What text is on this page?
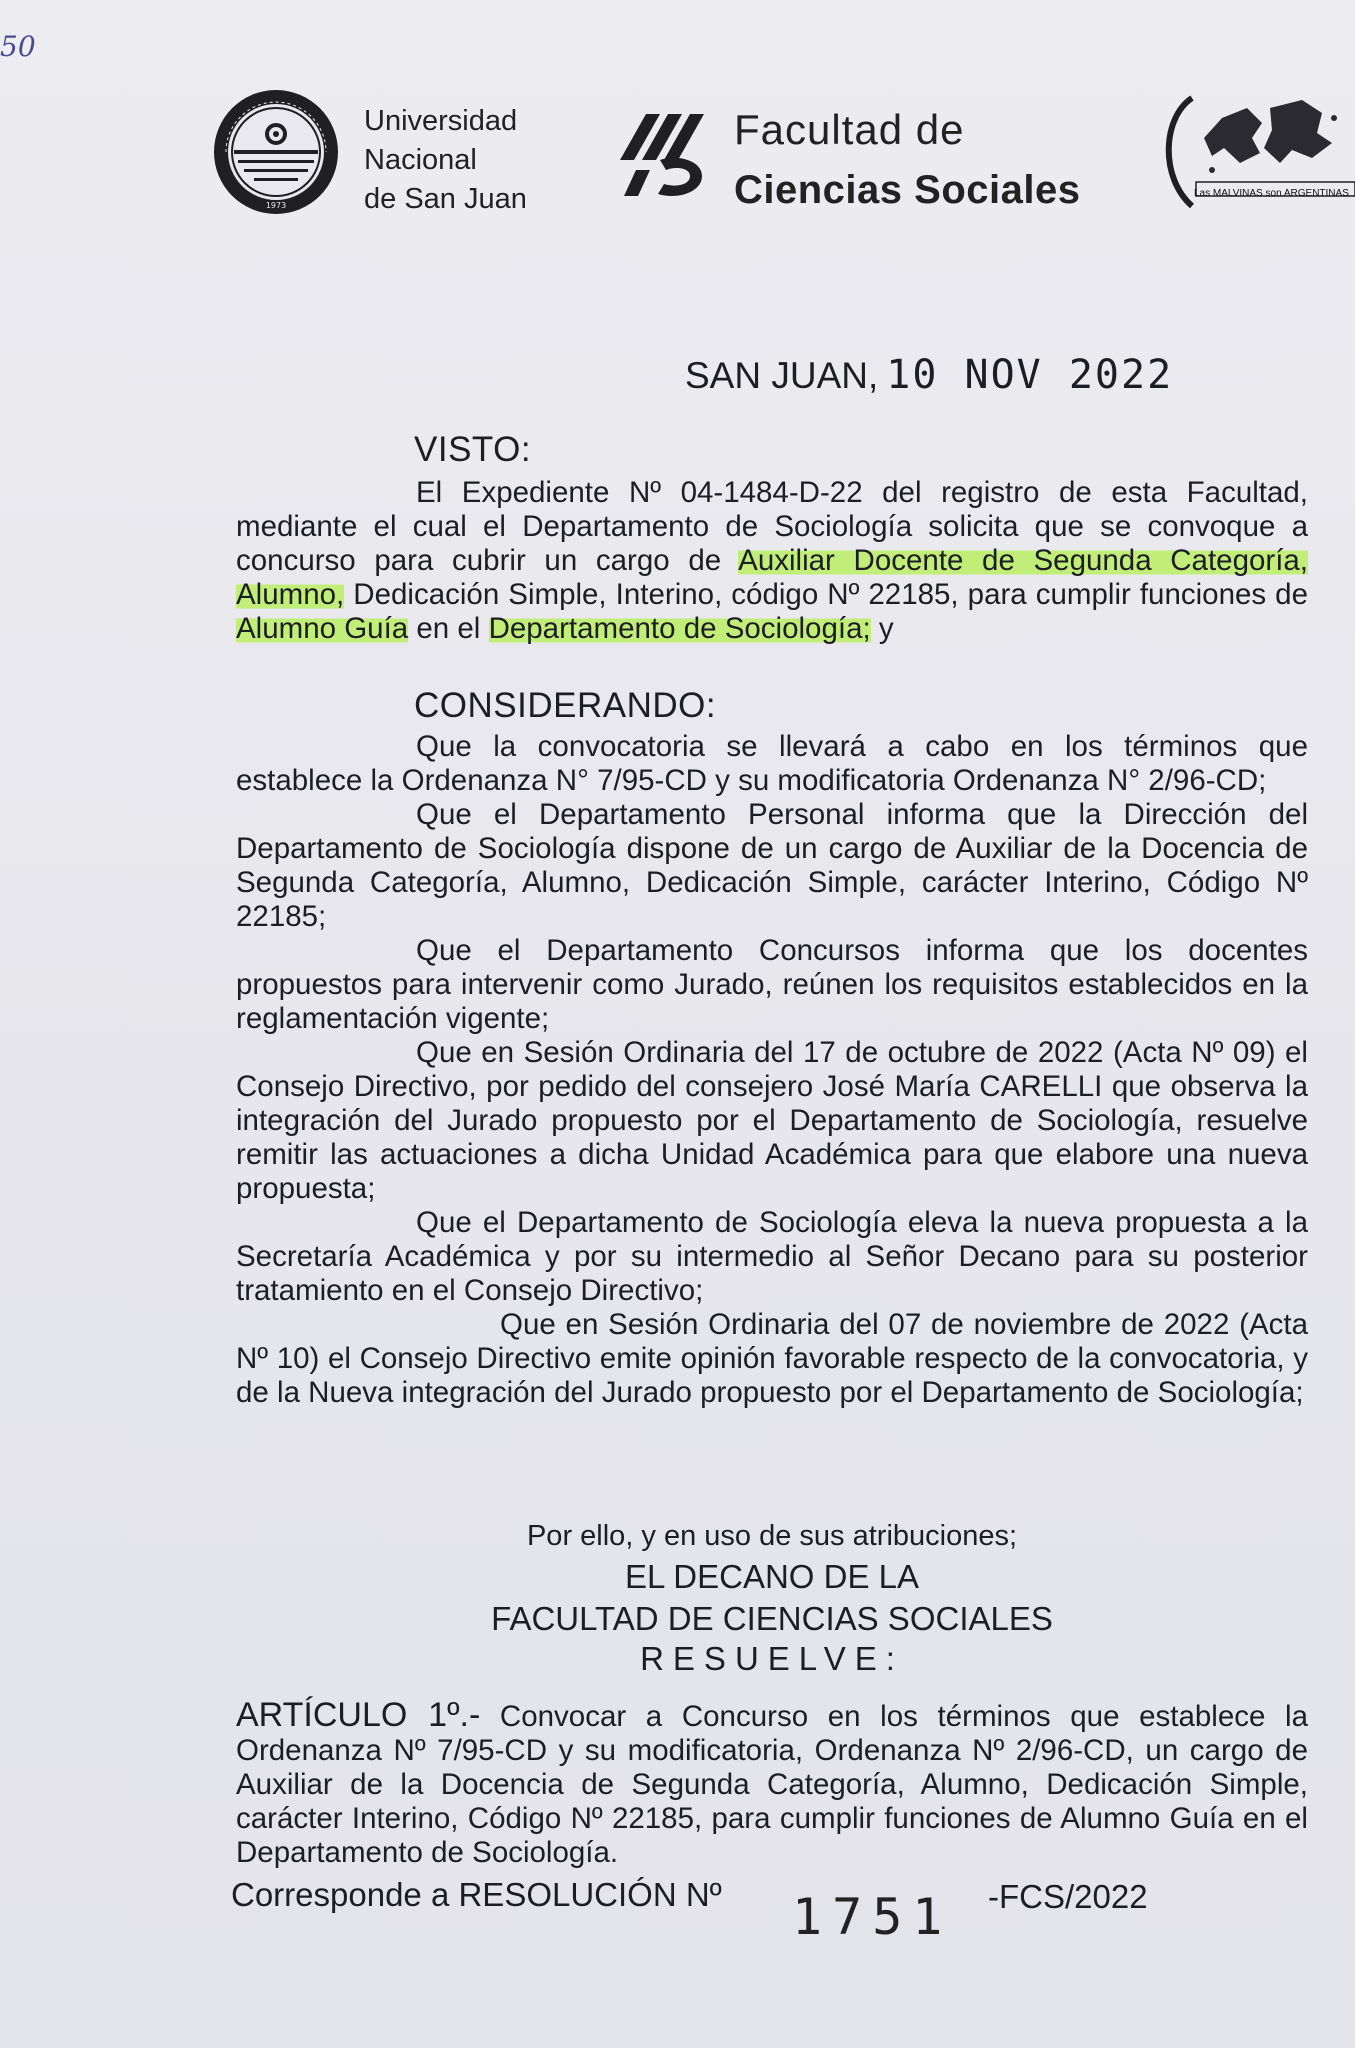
50
1973
Universidad
Nacional
de San Juan
Facultad de
Ciencias Sociales	Las MALVINAS son ARGENTINAS
SAN JUAN, 10 NOV 2022
VISTO:

El Expediente Nº 04-1484-D-22 del registro de esta Facultad, mediante el cual el Departamento de Sociología solicita que se convoque a concurso para cubrir un cargo de Auxiliar Docente de Segunda Categoría, Alumno, Dedicación Simple, Interino, código Nº 22185, para cumplir funciones de Alumno Guía en el Departamento de Sociología; y

CONSIDERANDO:

Que la convocatoria se llevará a cabo en los términos que establece la Ordenanza N° 7/95-CD y su modificatoria Ordenanza N° 2/96-CD;

Que el Departamento Personal informa que la Dirección del Departamento de Sociología dispone de un cargo de Auxiliar de la Docencia de Segunda Categoría, Alumno, Dedicación Simple, carácter Interino, Código Nº 22185;

Que el Departamento Concursos informa que los docentes propuestos para intervenir como Jurado, reúnen los requisitos establecidos en la reglamentación vigente;

Que en Sesión Ordinaria del 17 de octubre de 2022 (Acta Nº 09) el Consejo Directivo, por pedido del consejero José María CARELLI que observa la integración del Jurado propuesto por el Departamento de Sociología, resuelve remitir las actuaciones a dicha Unidad Académica para que elabore una nueva propuesta;

Que el Departamento de Sociología eleva la nueva propuesta a la Secretaría Académica y por su intermedio al Señor Decano para su posterior tratamiento en el Consejo Directivo;

Que en Sesión Ordinaria del 07 de noviembre de 2022 (Acta Nº 10) el Consejo Directivo emite opinión favorable respecto de la convocatoria, y de la Nueva integración del Jurado propuesto por el Departamento de Sociología;

Por ello, y en uso de sus atribuciones;
EL DECANO DE LA
FACULTAD DE CIENCIAS SOCIALES
RESUELVE:

ARTÍCULO 1º.- Convocar a Concurso en los términos que establece la Ordenanza Nº 7/95-CD y su modificatoria, Ordenanza Nº 2/96-CD, un cargo de Auxiliar de la Docencia de Segunda Categoría, Alumno, Dedicación Simple, carácter Interino, Código Nº 22185, para cumplir funciones de Alumno Guía en el Departamento de Sociología.

Corresponde a RESOLUCIÓN Nº 1751 -FCS/2022
